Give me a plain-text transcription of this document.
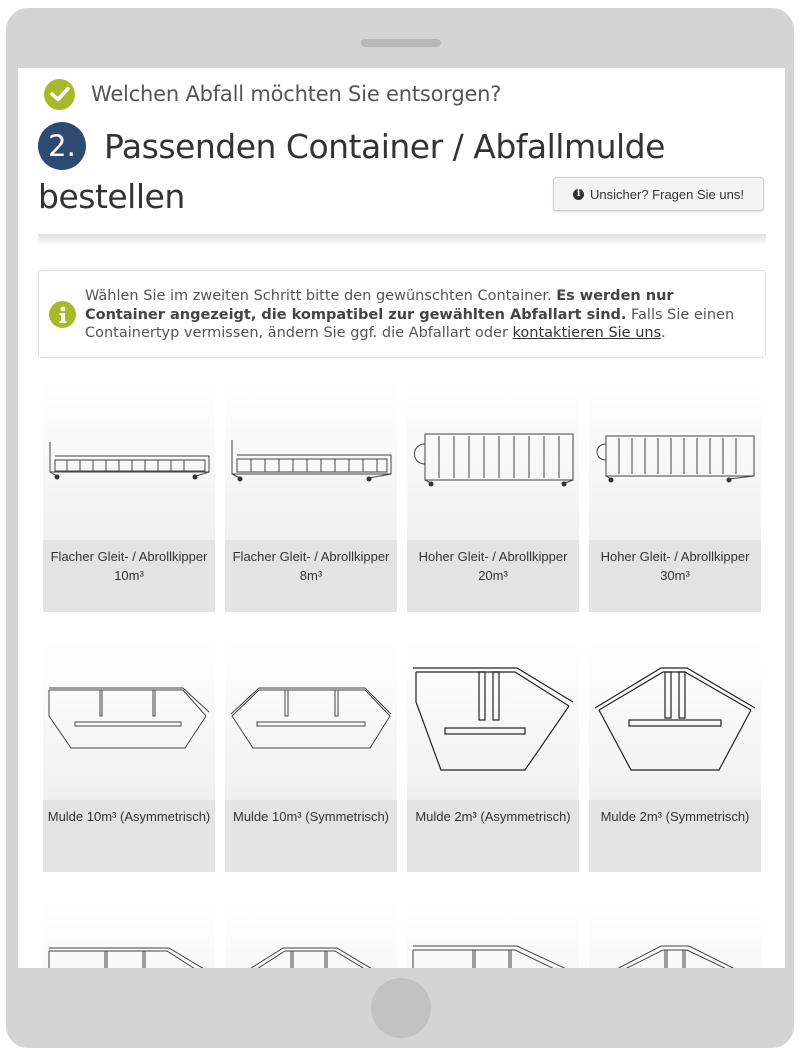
Welchen Abfall möchten Sie entsorgen?
2. Passenden Container / Abfallmulde bestellen	i Unsicher? Fragen Sie uns!
Wählen Sie im zweiten Schritt bitte den gewünschten Container. Es werden nur Container angezeigt, die kompatibel zur gewählten Abfallart sind. Falls Sie einen Containertyp vermissen, ändern Sie ggf. die Abfallart oder kontaktieren Sie uns.
Flacher Gleit- / Abrollkipper
10m³
Flacher Gleit- / Abrollkipper
8m³
Hoher Gleit- / Abrollkipper
20m³
Hoher Gleit- / Abrollkipper
30m³
Mulde 10m³ (Asymmetrisch)	Mulde 10m³ (Symmetrisch)	Mulde 2m³ (Asymmetrisch)	Mulde 2m³ (Symmetrisch)
